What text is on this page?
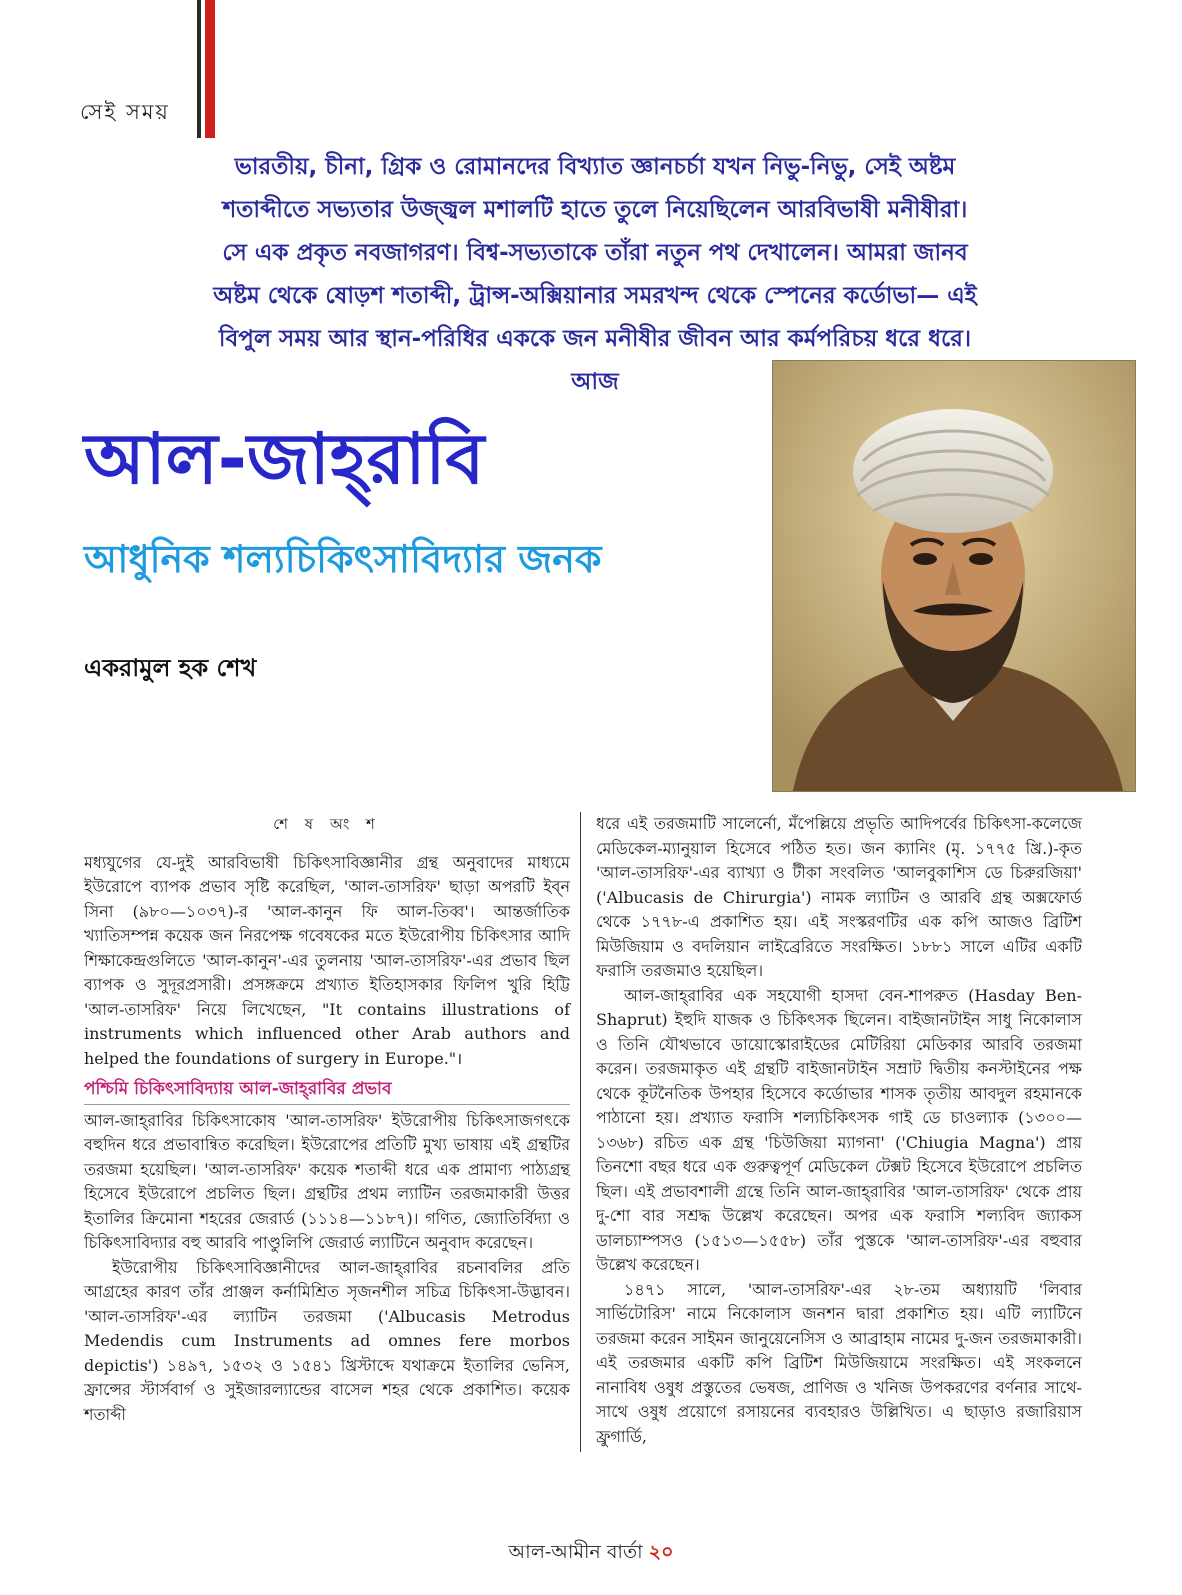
সেই সময়
ভারতীয়, চীনা, গ্রিক ও রোমানদের বিখ্যাত জ্ঞানচর্চা যখন নিভু-নিভু, সেই অষ্টম
শতাব্দীতে সভ্যতার উজ্জ্বল মশালটি হাতে তুলে নিয়েছিলেন আরবিভাষী মনীষীরা।
সে এক প্রকৃত নবজাগরণ। বিশ্ব-সভ্যতাকে তাঁরা নতুন পথ দেখালেন। আমরা জানব
অষ্টম থেকে ষোড়শ শতাব্দী, ট্রান্স-অক্সিয়ানার সমরখন্দ থেকে স্পেনের কর্ডোভা— এই
বিপুল সময় আর স্থান-পরিধির এককে জন মনীষীর জীবন আর কর্মপরিচয় ধরে ধরে।
আজ
আল-জাহ্‌রাবি
আধুনিক শল্যচিকিৎসাবিদ্যার জনক
একরামুল হক শেখ

শে ষ অং শ

মধ্যযুগের যে-দুই আরবিভাষী চিকিৎসাবিজ্ঞানীর গ্রন্থ অনুবাদের মাধ্যমে ইউরোপে ব্যাপক প্রভাব সৃষ্টি করেছিল, 'আল-তাসরিফ' ছাড়া অপরটি ইব্‌ন সিনা (৯৮০—১০৩৭)-র 'আল-কানুন ফি আল-তিব্ব'। আন্তর্জাতিক খ্যাতিসম্পন্ন কয়েক জন নিরপেক্ষ গবেষকের মতে ইউরোপীয় চিকিৎসার আদি শিক্ষাকেন্দ্রগুলিতে 'আল-কানুন'-এর তুলনায় 'আল-তাসরিফ'-এর প্রভাব ছিল ব্যাপক ও সুদূরপ্রসারী। প্রসঙ্গক্রমে প্রখ্যাত ইতিহাসকার ফিলিপ খুরি হিট্টি 'আল-তাসরিফ' নিয়ে লিখেছেন, "It contains illustrations of instruments which influenced other Arab authors and helped the foundations of surgery in Europe."।

পশ্চিমি চিকিৎসাবিদ্যায় আল-জাহ্‌রাবির প্রভাব

আল-জাহ্‌রাবির চিকিৎসাকোষ 'আল-তাসরিফ' ইউরোপীয় চিকিৎসাজগৎকে বহুদিন ধরে প্রভাবান্বিত করেছিল। ইউরোপের প্রতিটি মুখ্য ভাষায় এই গ্রন্থটির তরজমা হয়েছিল। 'আল-তাসরিফ' কয়েক শতাব্দী ধরে এক প্রামাণ্য পাঠ্যগ্রন্থ হিসেবে ইউরোপে প্রচলিত ছিল। গ্রন্থটির প্রথম ল্যাটিন তরজমাকারী উত্তর ইতালির ক্রিমোনা শহরের জেরার্ড (১১১৪—১১৮৭)। গণিত, জ্যোতির্বিদ্যা ও চিকিৎসাবিদ্যার বহু আরবি পাণ্ডুলিপি জেরার্ড ল্যাটিনে অনুবাদ করেছেন।

ইউরোপীয় চিকিৎসাবিজ্ঞানীদের আল-জাহ্‌রাবির রচনাবলির প্রতি আগ্রহের কারণ তাঁর প্রাঞ্জল কর্নামিশ্রিত সৃজনশীল সচিত্র চিকিৎসা-উদ্ভাবন। 'আল-তাসরিফ'-এর ল্যাটিন তরজমা ('Albucasis Metrodus Medendis cum Instruments ad omnes fere morbos depictis') ১৪৯৭, ১৫৩২ ও ১৫৪১ খ্রিস্টাব্দে যথাক্রমে ইতালির ভেনিস, ফ্রান্সের স্টার্সবার্গ ও সুইজারল্যান্ডের বাসেল শহর থেকে প্রকাশিত। কয়েক শতাব্দী

ধরে এই তরজমাটি সালের্নো, মঁপেল্লিয়ে প্রভৃতি আদিপর্বের চিকিৎসা-কলেজে মেডিকেল-ম্যানুয়াল হিসেবে পঠিত হত। জন ক্যানিং (মৃ. ১৭৭৫ খ্রি.)-কৃত 'আল-তাসরিফ'-এর ব্যাখ্যা ও টীকা সংবলিত 'আলবুকাশিস ডে চিরুরজিয়া' ('Albucasis de Chirurgia') নামক ল্যাটিন ও আরবি গ্রন্থ অক্সফোর্ড থেকে ১৭৭৮-এ প্রকাশিত হয়। এই সংস্করণটির এক কপি আজও ব্রিটিশ মিউজিয়াম ও বদলিয়ান লাইব্রেরিতে সংরক্ষিত। ১৮৮১ সালে এটির একটি ফরাসি তরজমাও হয়েছিল।

আল-জাহ্‌রাবির এক সহযোগী হাসদা বেন-শাপরুত (Hasday Ben-Shaprut) ইহুদি যাজক ও চিকিৎসক ছিলেন। বাইজানটাইন সাধু নিকোলাস ও তিনি যৌথভাবে ডায়োস্কোরাইডের মেটিরিয়া মেডিকার আরবি তরজমা করেন। তরজমাকৃত এই গ্রন্থটি বাইজানটাইন সম্রাট দ্বিতীয় কনস্টাইনের পক্ষ থেকে কূটনৈতিক উপহার হিসেবে কর্ডোভার শাসক তৃতীয় আবদুল রহমানকে পাঠানো হয়। প্রখ্যাত ফরাসি শল্যচিকিৎসক গাই ডে চাওল্যাক (১৩০০—১৩৬৮) রচিত এক গ্রন্থ 'চিউজিয়া ম্যাগনা' ('Chiugia Magna') প্রায় তিনশো বছর ধরে এক গুরুত্বপূর্ণ মেডিকেল টেক্সট হিসেবে ইউরোপে প্রচলিত ছিল। এই প্রভাবশালী গ্রন্থে তিনি আল-জাহ্‌রাবির 'আল-তাসরিফ' থেকে প্রায় দু-শো বার সশ্রদ্ধ উল্লেখ করেছেন। অপর এক ফরাসি শল্যবিদ জ্যাকস ডালচ্যাম্পসও (১৫১৩—১৫৫৮) তাঁর পুস্তকে 'আল-তাসরিফ'-এর বহুবার উল্লেখ করেছেন।

১৪৭১ সালে, 'আল-তাসরিফ'-এর ২৮-তম অধ্যায়টি 'লিবার সার্ভিটোরিস' নামে নিকোলাস জনশন দ্বারা প্রকাশিত হয়। এটি ল্যাটিনে তরজমা করেন সাইমন জানুয়েনেসিস ও আব্রাহাম নামের দু-জন তরজমাকারী। এই তরজমার একটি কপি ব্রিটিশ মিউজিয়ামে সংরক্ষিত। এই সংকলনে নানাবিধ ওষুধ প্রস্তুতের ভেষজ, প্রাণিজ ও খনিজ উপকরণের বর্ণনার সাথে-সাথে ওষুধ প্রয়োগে রসায়নের ব্যবহারও উল্লিখিত। এ ছাড়াও রজারিয়াস ফ্রুগার্ডি,

আল-আমীন বার্তা ২০
